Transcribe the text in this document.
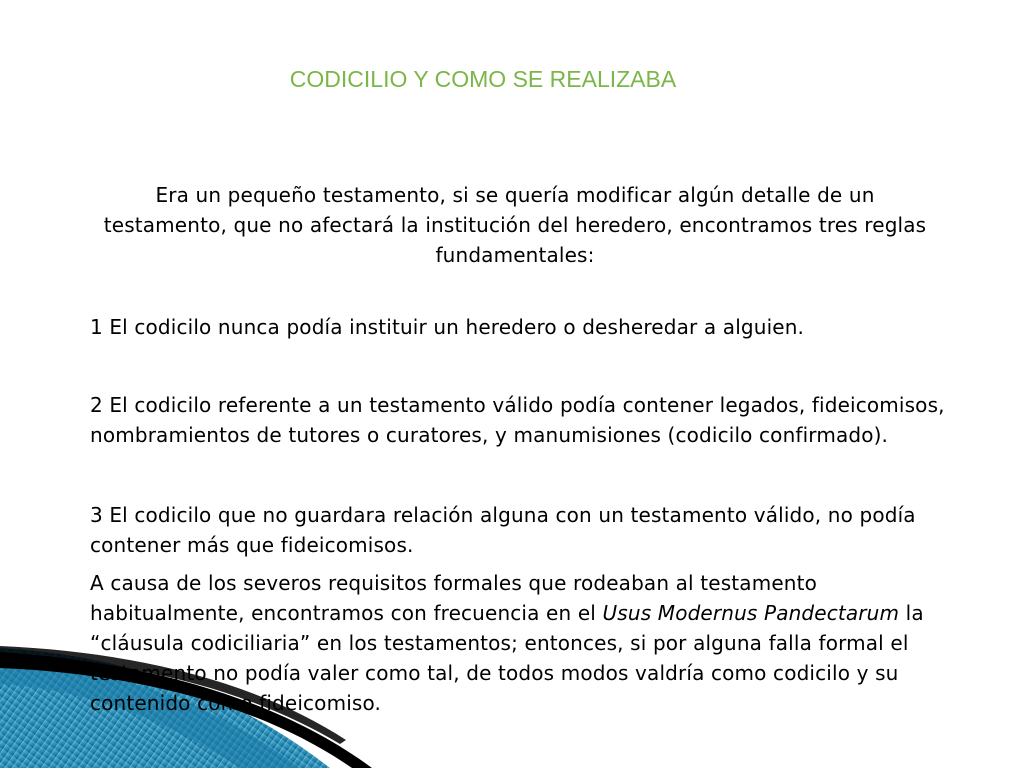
CODICILIO Y COMO SE REALIZABA
Era un pequeño testamento, si se quería modificar algún detalle de un testamento, que no afectará la institución del heredero, encontramos tres reglas fundamentales:

1 El codicilo nunca podía instituir un heredero o desheredar a alguien.

2 El codicilo referente a un testamento válido podía contener legados, fideicomisos, nombramientos de tutores o curatores, y manumisiones (codicilo confirmado).

3 El codicilo que no guardara relación alguna con un testamento válido, no podía contener más que fideicomisos.

A causa de los severos requisitos formales que rodeaban al testamento habitualmente, encontramos con frecuencia en el Usus Modernus Pandectarum la “cláusula codiciliaria” en los testamentos; entonces, si por alguna falla formal el testamento no podía valer como tal, de todos modos valdría como codicilo y su contenido como fideicomiso.
